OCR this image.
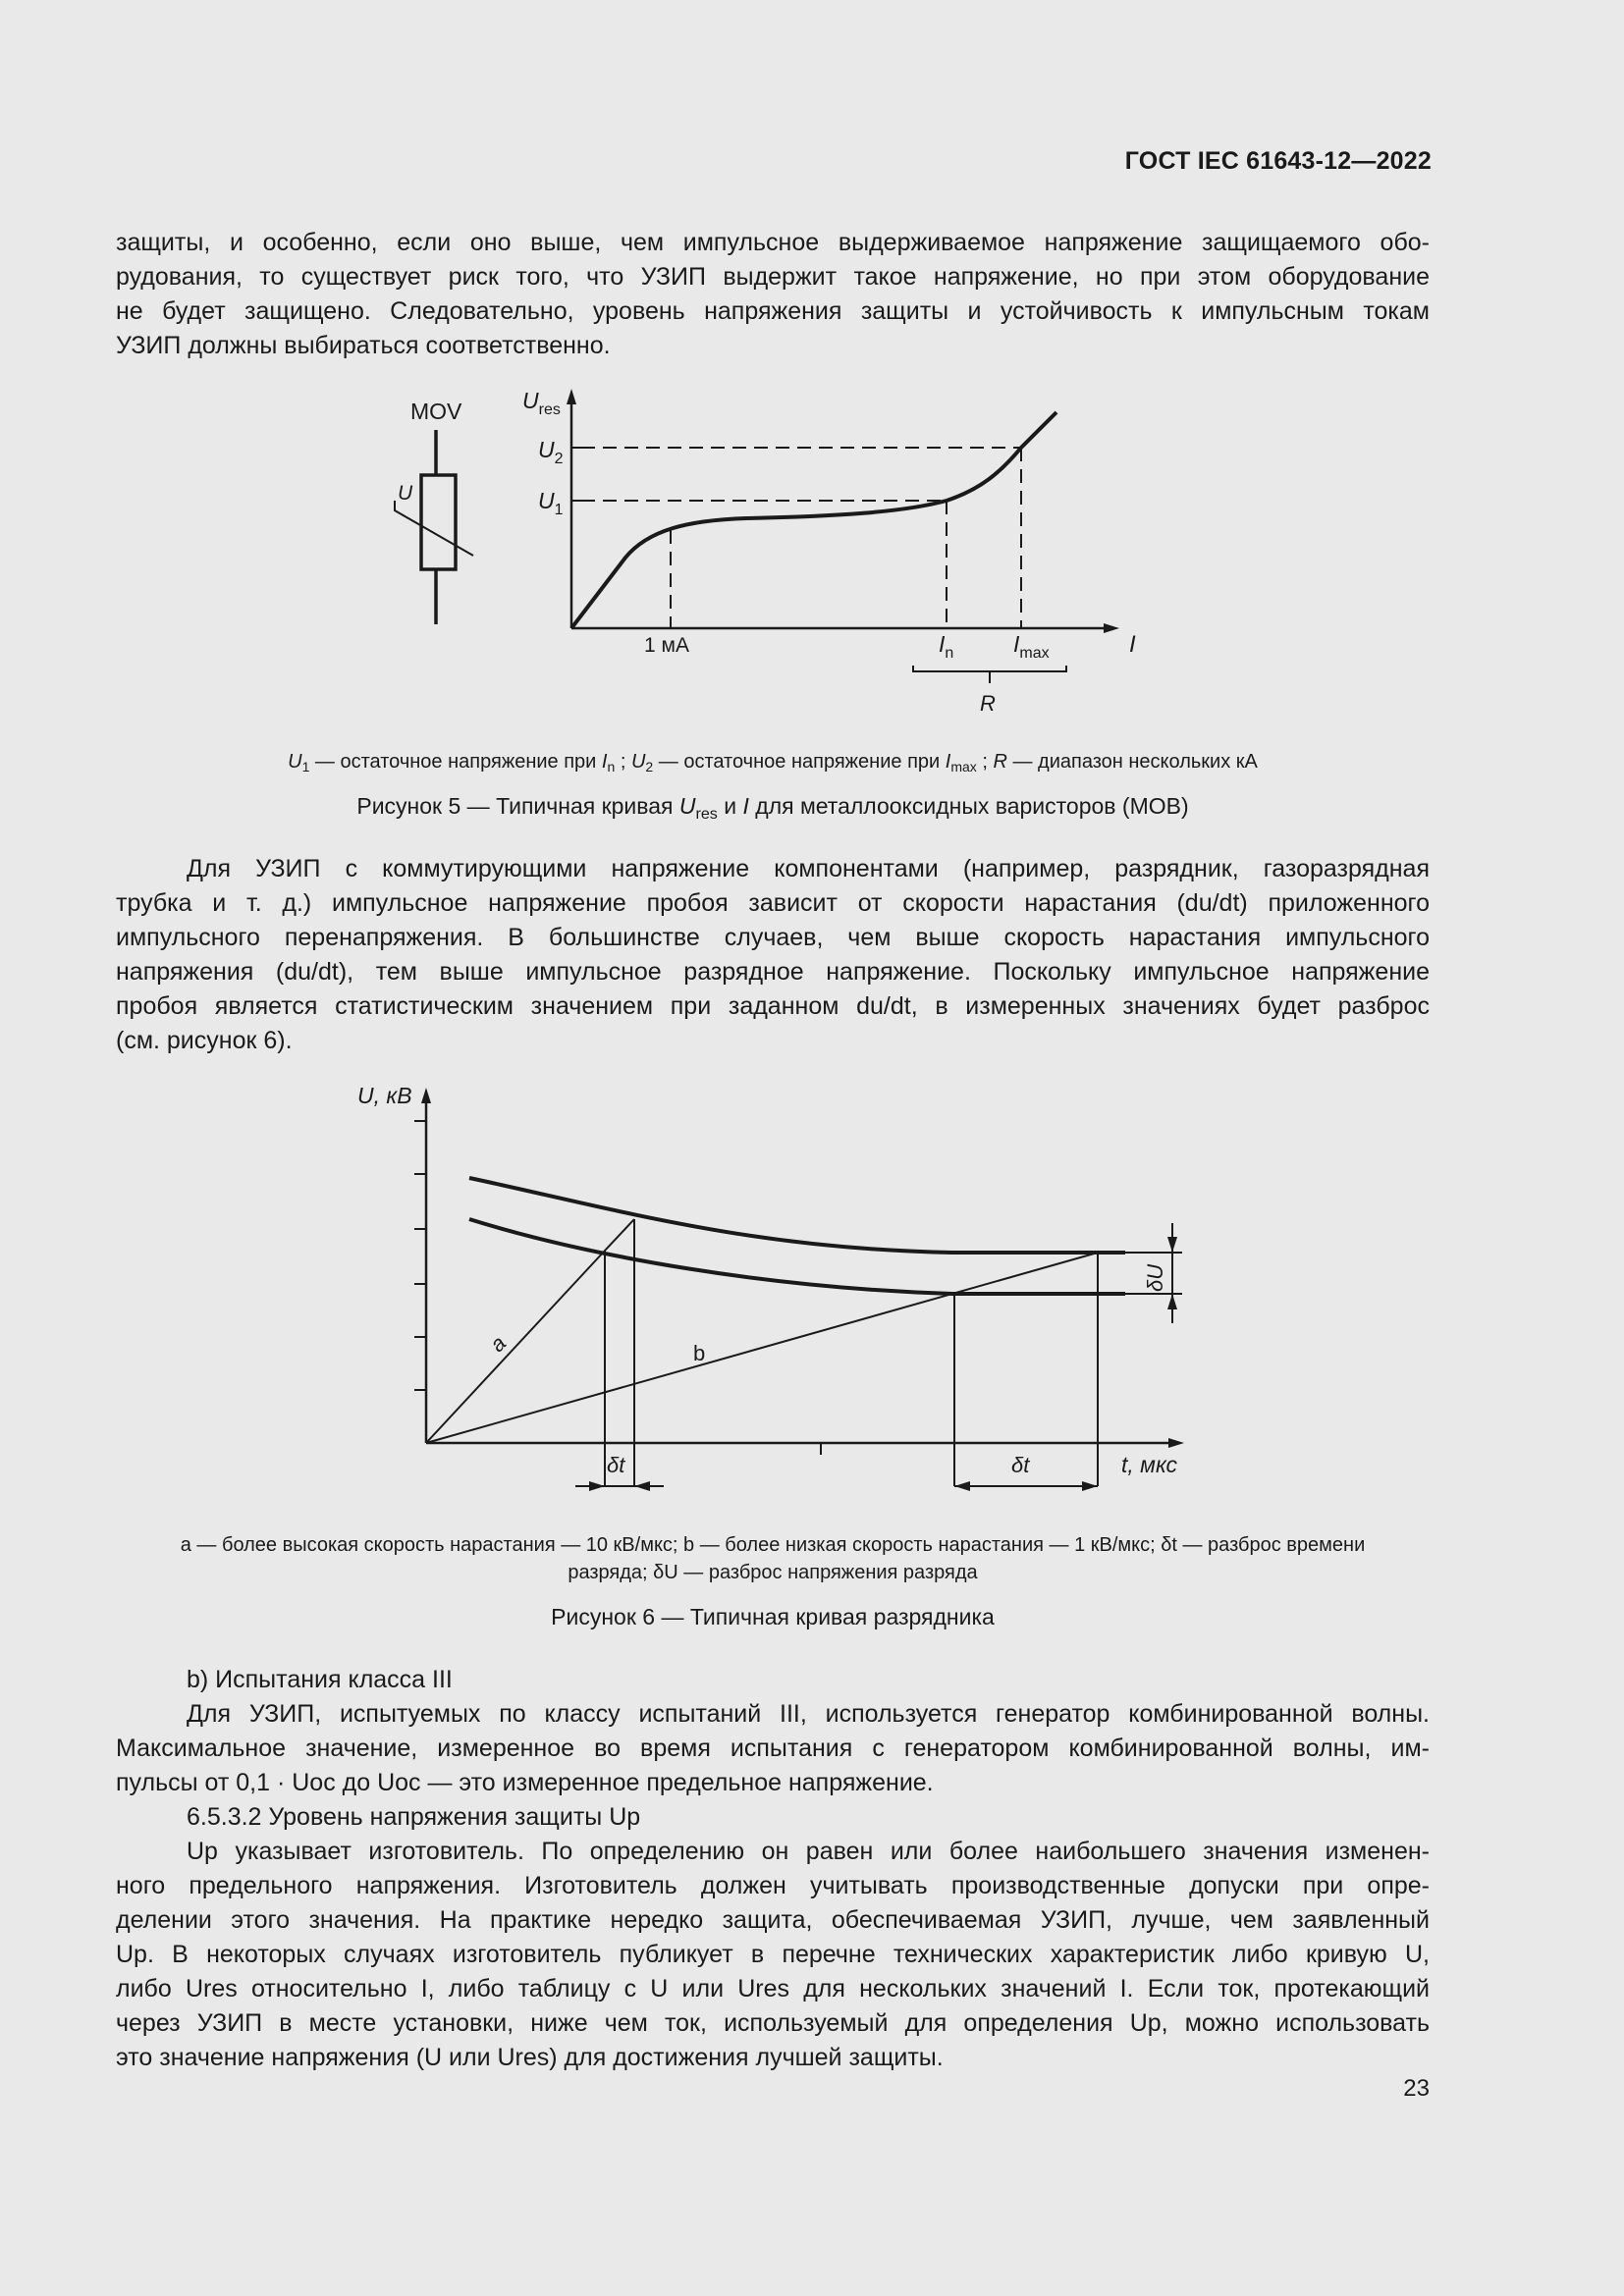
ГОСТ IEC 61643-12—2022
защиты, и особенно, если оно выше, чем импульсное выдерживаемое напряжение защищаемого обо-
рудования, то существует риск того, что УЗИП выдержит такое напряжение, но при этом оборудование
не будет защищено. Следовательно, уровень напряжения защиты и устойчивость к импульсным токам
УЗИП должны выбираться соответственно.
MOV
U
$U_{res}$
$U_2$
$U_1$
1 мА	$I_n$	$I_{max}$	I
R
$U_1$ — остаточное напряжение при $I_n$ ; $U_2$ — остаточное напряжение при $I_{max}$ ; R — диапазон нескольких кА
Рисунок 5 — Типичная кривая $U_{res}$ и I для металлооксидных варисторов (МОВ)
Для УЗИП с коммутирующими напряжение компонентами (например, разрядник, газоразрядная
трубка и т. д.) импульсное напряжение пробоя зависит от скорости нарастания (du/dt) приложенного
импульсного перенапряжения. В большинстве случаев, чем выше скорость нарастания импульсного
напряжения (du/dt), тем выше импульсное разрядное напряжение. Поскольку импульсное напряжение
пробоя является статистическим значением при заданном du/dt, в измеренных значениях будет разброс
(см. рисунок 6).
U, кВ
t, мкс
a	b
δt	δt
δU
a — более высокая скорость нарастания — 10 кВ/мкс; b — более низкая скорость нарастания — 1 кВ/мкс; δt — разброс времени
разряда; δU — разброс напряжения разряда
Рисунок 6 — Типичная кривая разрядника
b) Испытания класса III
Для УЗИП, испытуемых по классу испытаний III, используется генератор комбинированной волны.
Максимальное значение, измеренное во время испытания с генератором комбинированной волны, им-
пульсы от 0,1 · Uoc до Uoc — это измеренное предельное напряжение.
6.5.3.2 Уровень напряжения защиты Up
Up указывает изготовитель. По определению он равен или более наибольшего значения изменен-
ного предельного напряжения. Изготовитель должен учитывать производственные допуски при опре-
делении этого значения. На практике нередко защита, обеспечиваемая УЗИП, лучше, чем заявленный
Up. В некоторых случаях изготовитель публикует в перечне технических характеристик либо кривую U,
либо Ures относительно I, либо таблицу с U или Ures для нескольких значений I. Если ток, протекающий
через УЗИП в месте установки, ниже чем ток, используемый для определения Up, можно использовать
это значение напряжения (U или Ures) для достижения лучшей защиты.
23
